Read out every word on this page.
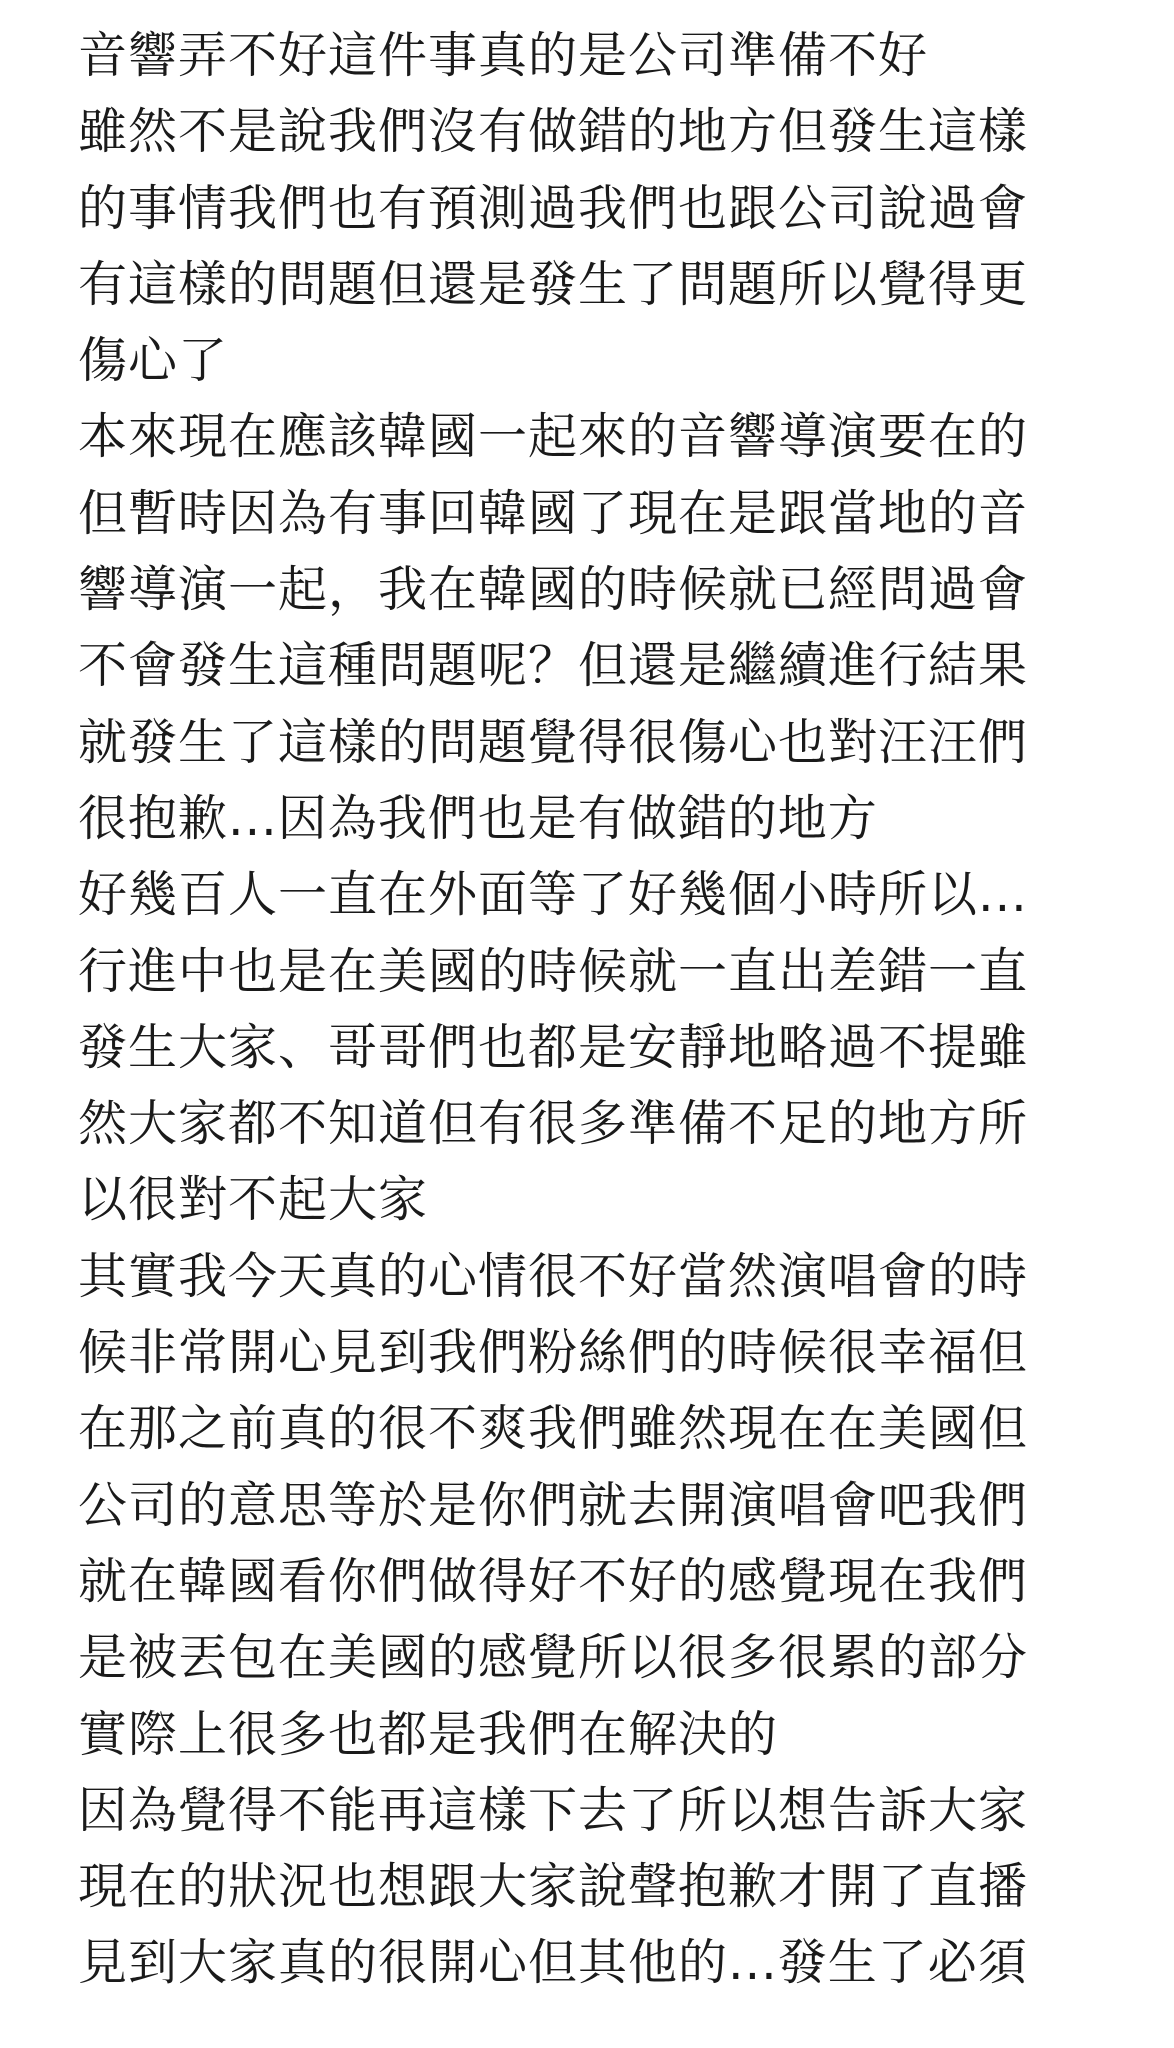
音響弄不好這件事真的是公司準備不好
雖然不是說我們沒有做錯的地方但發生這樣
的事情我們也有預測過我們也跟公司說過會
有這樣的問題但還是發生了問題所以覺得更
傷心了
本來現在應該韓國一起來的音響導演要在的
但暫時因為有事回韓國了現在是跟當地的音
響導演一起，我在韓國的時候就已經問過會
不會發生這種問題呢？但還是繼續進行結果
就發生了這樣的問題覺得很傷心也對汪汪們
很抱歉...因為我們也是有做錯的地方
好幾百人一直在外面等了好幾個小時所以...
行進中也是在美國的時候就一直出差錯一直
發生大家、哥哥們也都是安靜地略過不提雖
然大家都不知道但有很多準備不足的地方所
以很對不起大家
其實我今天真的心情很不好當然演唱會的時
候非常開心見到我們粉絲們的時候很幸福但
在那之前真的很不爽我們雖然現在在美國但
公司的意思等於是你們就去開演唱會吧我們
就在韓國看你們做得好不好的感覺現在我們
是被丟包在美國的感覺所以很多很累的部分
實際上很多也都是我們在解決的
因為覺得不能再這樣下去了所以想告訴大家
現在的狀況也想跟大家說聲抱歉才開了直播
見到大家真的很開心但其他的...發生了必須
